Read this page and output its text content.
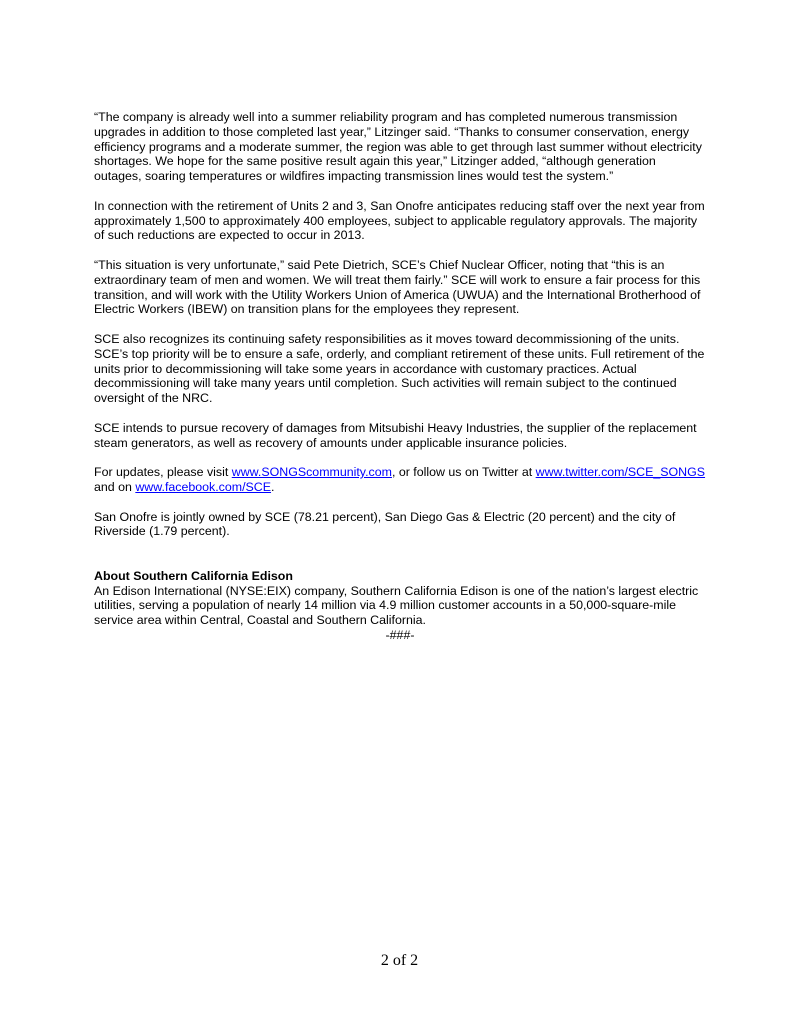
“The company is already well into a summer reliability program and has completed numerous transmission upgrades in addition to those completed last year,” Litzinger said. “Thanks to consumer conservation, energy efficiency programs and a moderate summer, the region was able to get through last summer without electricity shortages. We hope for the same positive result again this year,” Litzinger added, “although generation outages, soaring temperatures or wildfires impacting transmission lines would test the system.”

In connection with the retirement of Units 2 and 3, San Onofre anticipates reducing staff over the next year from approximately 1,500 to approximately 400 employees, subject to applicable regulatory approvals. The majority of such reductions are expected to occur in 2013.

“This situation is very unfortunate,” said Pete Dietrich, SCE’s Chief Nuclear Officer, noting that “this is an extraordinary team of men and women. We will treat them fairly.” SCE will work to ensure a fair process for this transition, and will work with the Utility Workers Union of America (UWUA) and the International Brotherhood of Electric Workers (IBEW) on transition plans for the employees they represent.

SCE also recognizes its continuing safety responsibilities as it moves toward decommissioning of the units. SCE’s top priority will be to ensure a safe, orderly, and compliant retirement of these units. Full retirement of the units prior to decommissioning will take some years in accordance with customary practices. Actual decommissioning will take many years until completion. Such activities will remain subject to the continued oversight of the NRC.

SCE intends to pursue recovery of damages from Mitsubishi Heavy Industries, the supplier of the replacement steam generators, as well as recovery of amounts under applicable insurance policies.

For updates, please visit www.SONGScommunity.com, or follow us on Twitter at www.twitter.com/SCE_SONGS and on www.facebook.com/SCE.

San Onofre is jointly owned by SCE (78.21 percent), San Diego Gas & Electric (20 percent) and the city of Riverside (1.79 percent).

About Southern California Edison

An Edison International (NYSE:EIX) company, Southern California Edison is one of the nation’s largest electric utilities, serving a population of nearly 14 million via 4.9 million customer accounts in a 50,000-square-mile service area within Central, Coastal and Southern California.

-###-

2 of 2
